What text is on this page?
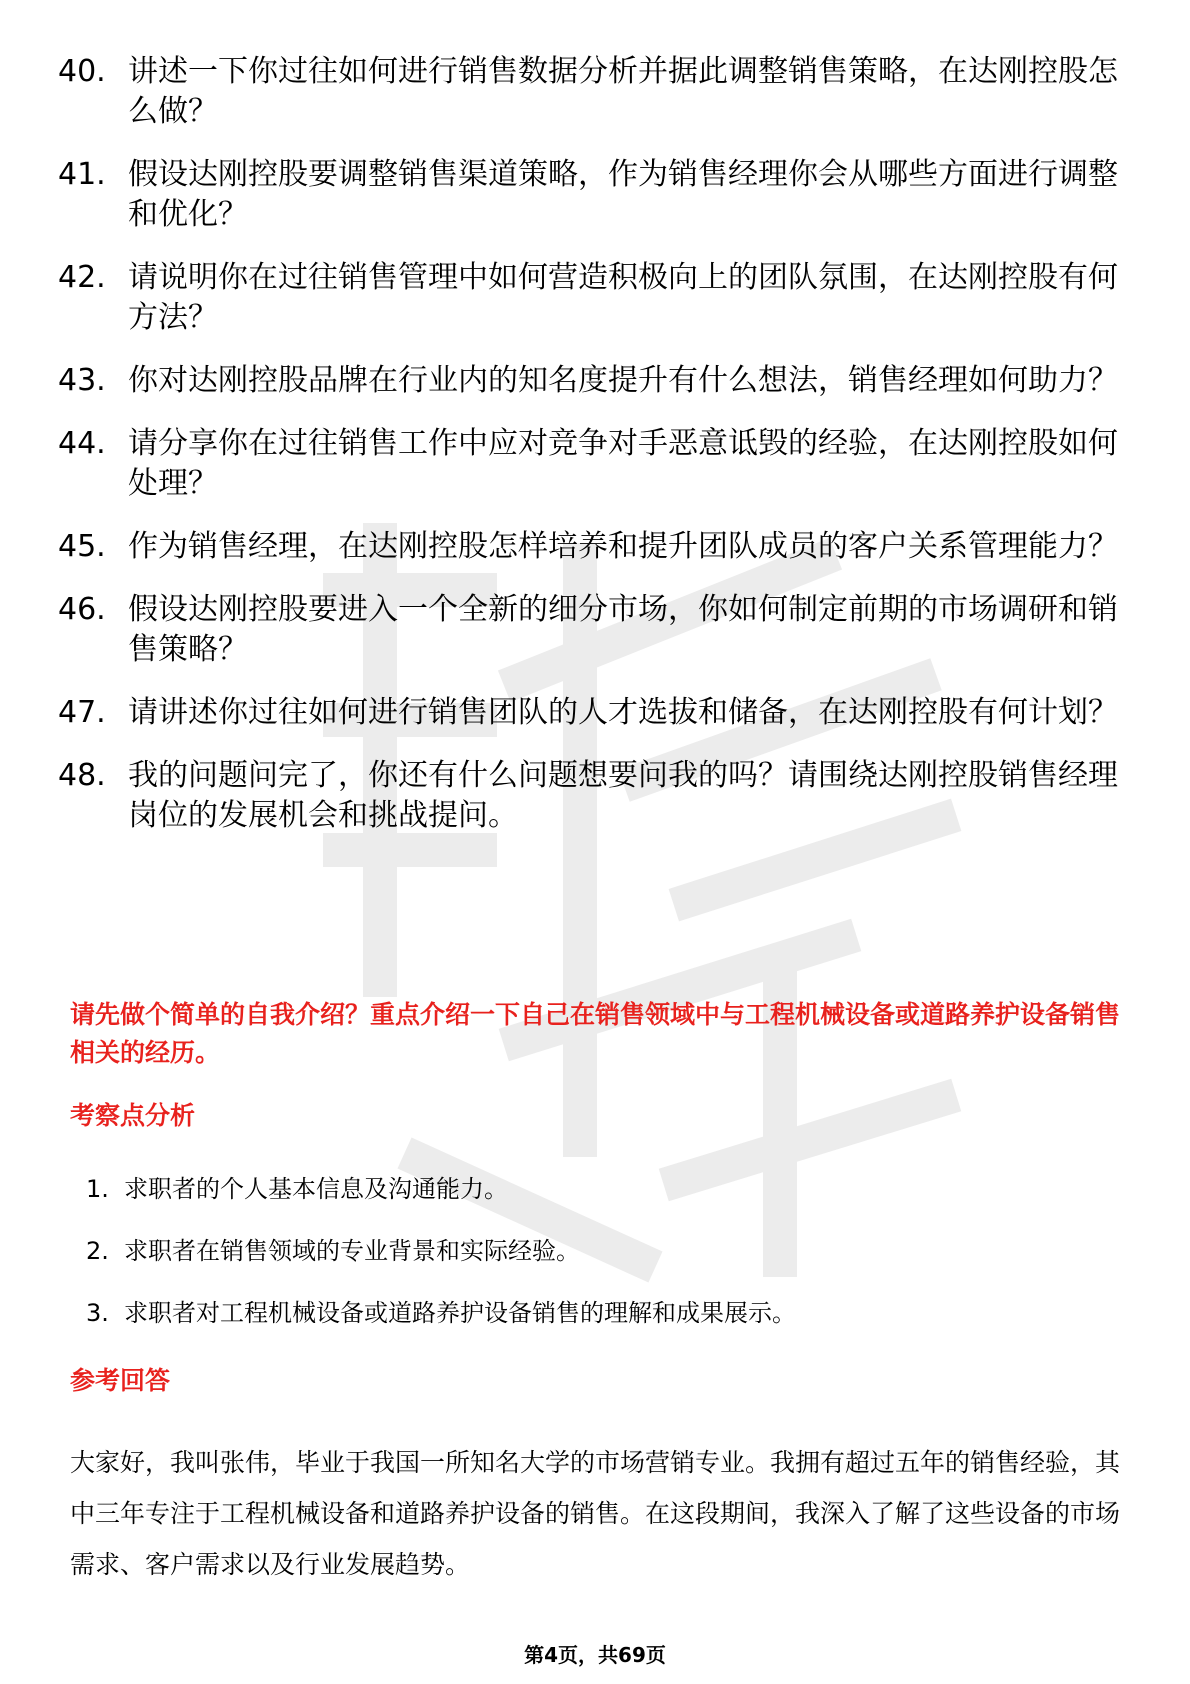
40. 讲述一下你过往如何进行销售数据分析并据此调整销售策略，在达刚控股怎么做？
41. 假设达刚控股要调整销售渠道策略，作为销售经理你会从哪些方面进行调整和优化？
42. 请说明你在过往销售管理中如何营造积极向上的团队氛围，在达刚控股有何方法？
43. 你对达刚控股品牌在行业内的知名度提升有什么想法，销售经理如何助力？
44. 请分享你在过往销售工作中应对竞争对手恶意诋毁的经验，在达刚控股如何处理？
45. 作为销售经理，在达刚控股怎样培养和提升团队成员的客户关系管理能力？
46. 假设达刚控股要进入一个全新的细分市场，你如何制定前期的市场调研和销售策略？
47. 请讲述你过往如何进行销售团队的人才选拔和储备，在达刚控股有何计划？
48. 我的问题问完了，你还有什么问题想要问我的吗？请围绕达刚控股销售经理岗位的发展机会和挑战提问。

请先做个简单的自我介绍？重点介绍一下自己在销售领域中与工程机械设备或道路养护设备销售相关的经历。

考察点分析
1. 求职者的个人基本信息及沟通能力。
2. 求职者在销售领域的专业背景和实际经验。
3. 求职者对工程机械设备或道路养护设备销售的理解和成果展示。
参考回答

大家好，我叫张伟，毕业于我国一所知名大学的市场营销专业。我拥有超过五年的销售经验，其中三年专注于工程机械设备和道路养护设备的销售。在这段期间，我深入了解了这些设备的市场需求、客户需求以及行业发展趋势。

第4页，共69页
